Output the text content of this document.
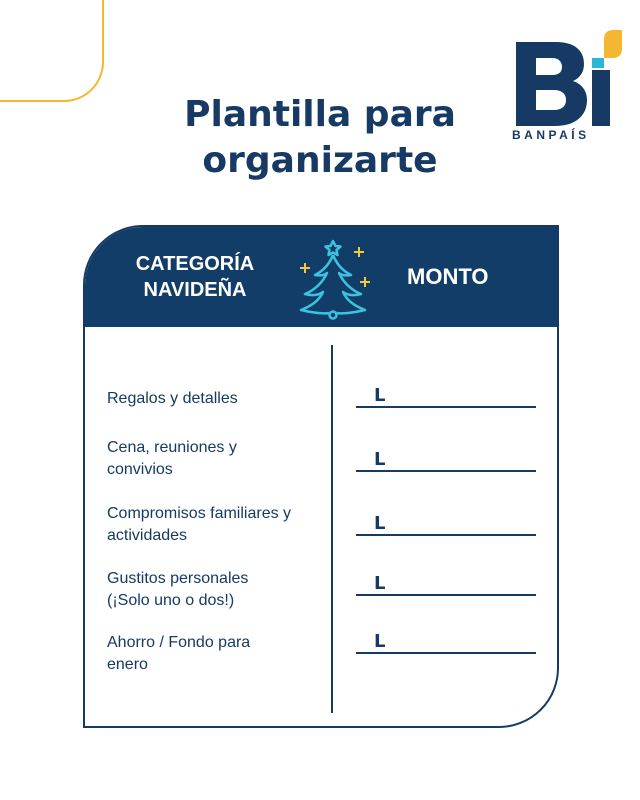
BANPAÍS
Plantilla para
organizarte
CATEGORÍA
NAVIDEÑA
MONTO
Regalos y detalles	L
Cena, reuniones y convivios	L
Compromisos familiares y actividades
L
Gustitos personales (¡Solo uno o dos!)
L
Ahorro / Fondo para enero
L
